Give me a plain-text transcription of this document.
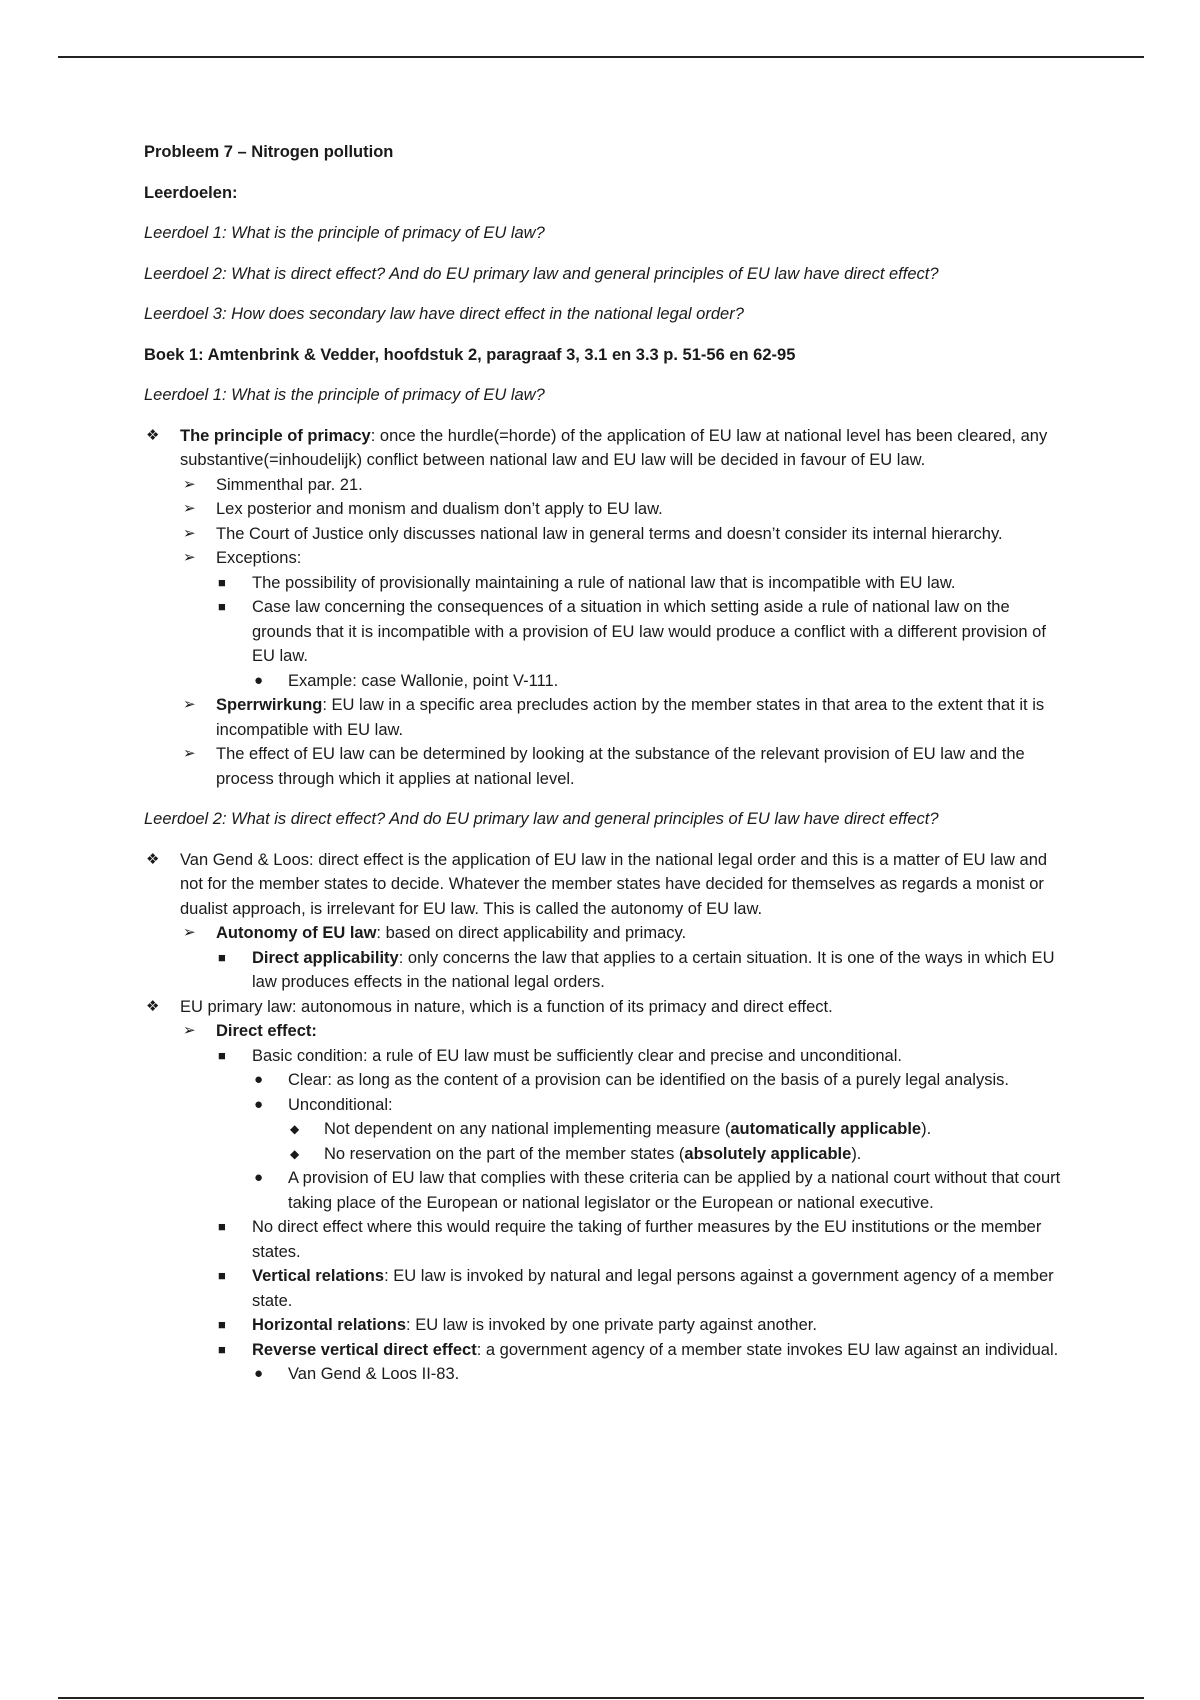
Probleem 7 – Nitrogen pollution

Leerdoelen:

Leerdoel 1: What is the principle of primacy of EU law?

Leerdoel 2: What is direct effect? And do EU primary law and general principles of EU law have direct effect?

Leerdoel 3: How does secondary law have direct effect in the national legal order?

Boek 1: Amtenbrink & Vedder, hoofdstuk 2, paragraaf 3, 3.1 en 3.3 p. 51-56 en 62-95

Leerdoel 1: What is the principle of primacy of EU law?

❖ The principle of primacy: once the hurdle(=horde) of the application of EU law at national level has been cleared, any substantive(=inhoudelijk) conflict between national law and EU law will be decided in favour of EU law.
➢ Simmenthal par. 21.
➢ Lex posterior and monism and dualism don’t apply to EU law.
➢ The Court of Justice only discusses national law in general terms and doesn’t consider its internal hierarchy.
➢ Exceptions:
■ The possibility of provisionally maintaining a rule of national law that is incompatible with EU law.
■ Case law concerning the consequences of a situation in which setting aside a rule of national law on the grounds that it is incompatible with a provision of EU law would produce a conflict with a different provision of EU law.
● Example: case Wallonie, point V-111.
➢ Sperrwirkung: EU law in a specific area precludes action by the member states in that area to the extent that it is incompatible with EU law.
➢ The effect of EU law can be determined by looking at the substance of the relevant provision of EU law and the process through which it applies at national level.

Leerdoel 2: What is direct effect? And do EU primary law and general principles of EU law have direct effect?

❖ Van Gend & Loos: direct effect is the application of EU law in the national legal order and this is a matter of EU law and not for the member states to decide. Whatever the member states have decided for themselves as regards a monist or dualist approach, is irrelevant for EU law. This is called the autonomy of EU law.
➢ Autonomy of EU law: based on direct applicability and primacy.
■ Direct applicability: only concerns the law that applies to a certain situation. It is one of the ways in which EU law produces effects in the national legal orders.
❖ EU primary law: autonomous in nature, which is a function of its primacy and direct effect.
➢ Direct effect:
■ Basic condition: a rule of EU law must be sufficiently clear and precise and unconditional.
● Clear: as long as the content of a provision can be identified on the basis of a purely legal analysis.
● Unconditional:
◆ Not dependent on any national implementing measure (automatically applicable).
◆ No reservation on the part of the member states (absolutely applicable).
● A provision of EU law that complies with these criteria can be applied by a national court without that court taking place of the European or national legislator or the European or national executive.
■ No direct effect where this would require the taking of further measures by the EU institutions or the member states.
■ Vertical relations: EU law is invoked by natural and legal persons against a government agency of a member state.
■ Horizontal relations: EU law is invoked by one private party against another.
■ Reverse vertical direct effect: a government agency of a member state invokes EU law against an individual.
● Van Gend & Loos II-83.
